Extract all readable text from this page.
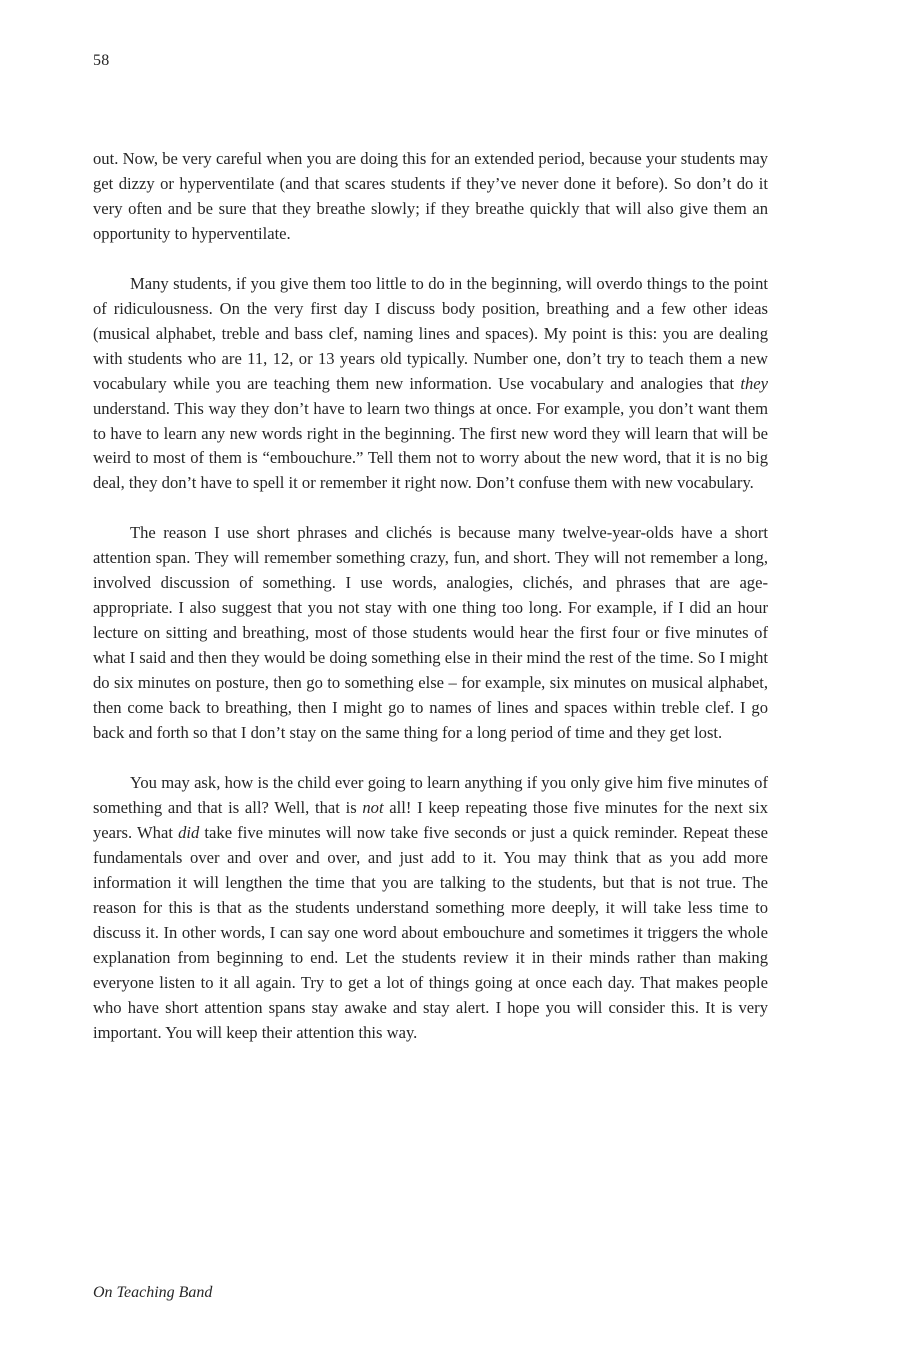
58

out. Now, be very careful when you are doing this for an extended period, because your students may get dizzy or hyperventilate (and that scares students if they’ve never done it before). So don’t do it very often and be sure that they breathe slowly; if they breathe quickly that will also give them an opportunity to hyperventilate.

Many students, if you give them too little to do in the beginning, will overdo things to the point of ridiculousness. On the very first day I discuss body position, breathing and a few other ideas (musical alphabet, treble and bass clef, naming lines and spaces). My point is this: you are dealing with students who are 11, 12, or 13 years old typically. Number one, don’t try to teach them a new vocabulary while you are teaching them new information. Use vocabulary and analogies that they understand. This way they don’t have to learn two things at once. For example, you don’t want them to have to learn any new words right in the beginning. The first new word they will learn that will be weird to most of them is “embouchure.” Tell them not to worry about the new word, that it is no big deal, they don’t have to spell it or remember it right now. Don’t confuse them with new vocabulary.

The reason I use short phrases and clichés is because many twelve-year-olds have a short attention span. They will remember something crazy, fun, and short. They will not remember a long, involved discussion of something. I use words, analogies, clichés, and phrases that are age-appropriate. I also suggest that you not stay with one thing too long. For example, if I did an hour lecture on sitting and breathing, most of those students would hear the first four or five minutes of what I said and then they would be doing something else in their mind the rest of the time. So I might do six minutes on posture, then go to something else – for example, six minutes on musical alphabet, then come back to breathing, then I might go to names of lines and spaces within treble clef. I go back and forth so that I don’t stay on the same thing for a long period of time and they get lost.

You may ask, how is the child ever going to learn anything if you only give him five minutes of something and that is all? Well, that is not all! I keep repeating those five minutes for the next six years. What did take five minutes will now take five seconds or just a quick reminder. Repeat these fundamentals over and over and over, and just add to it. You may think that as you add more information it will lengthen the time that you are talking to the students, but that is not true. The reason for this is that as the students understand something more deeply, it will take less time to discuss it. In other words, I can say one word about embouchure and sometimes it triggers the whole explanation from beginning to end. Let the students review it in their minds rather than making everyone listen to it all again. Try to get a lot of things going at once each day. That makes people who have short attention spans stay awake and stay alert. I hope you will consider this. It is very important. You will keep their attention this way.

On Teaching Band
